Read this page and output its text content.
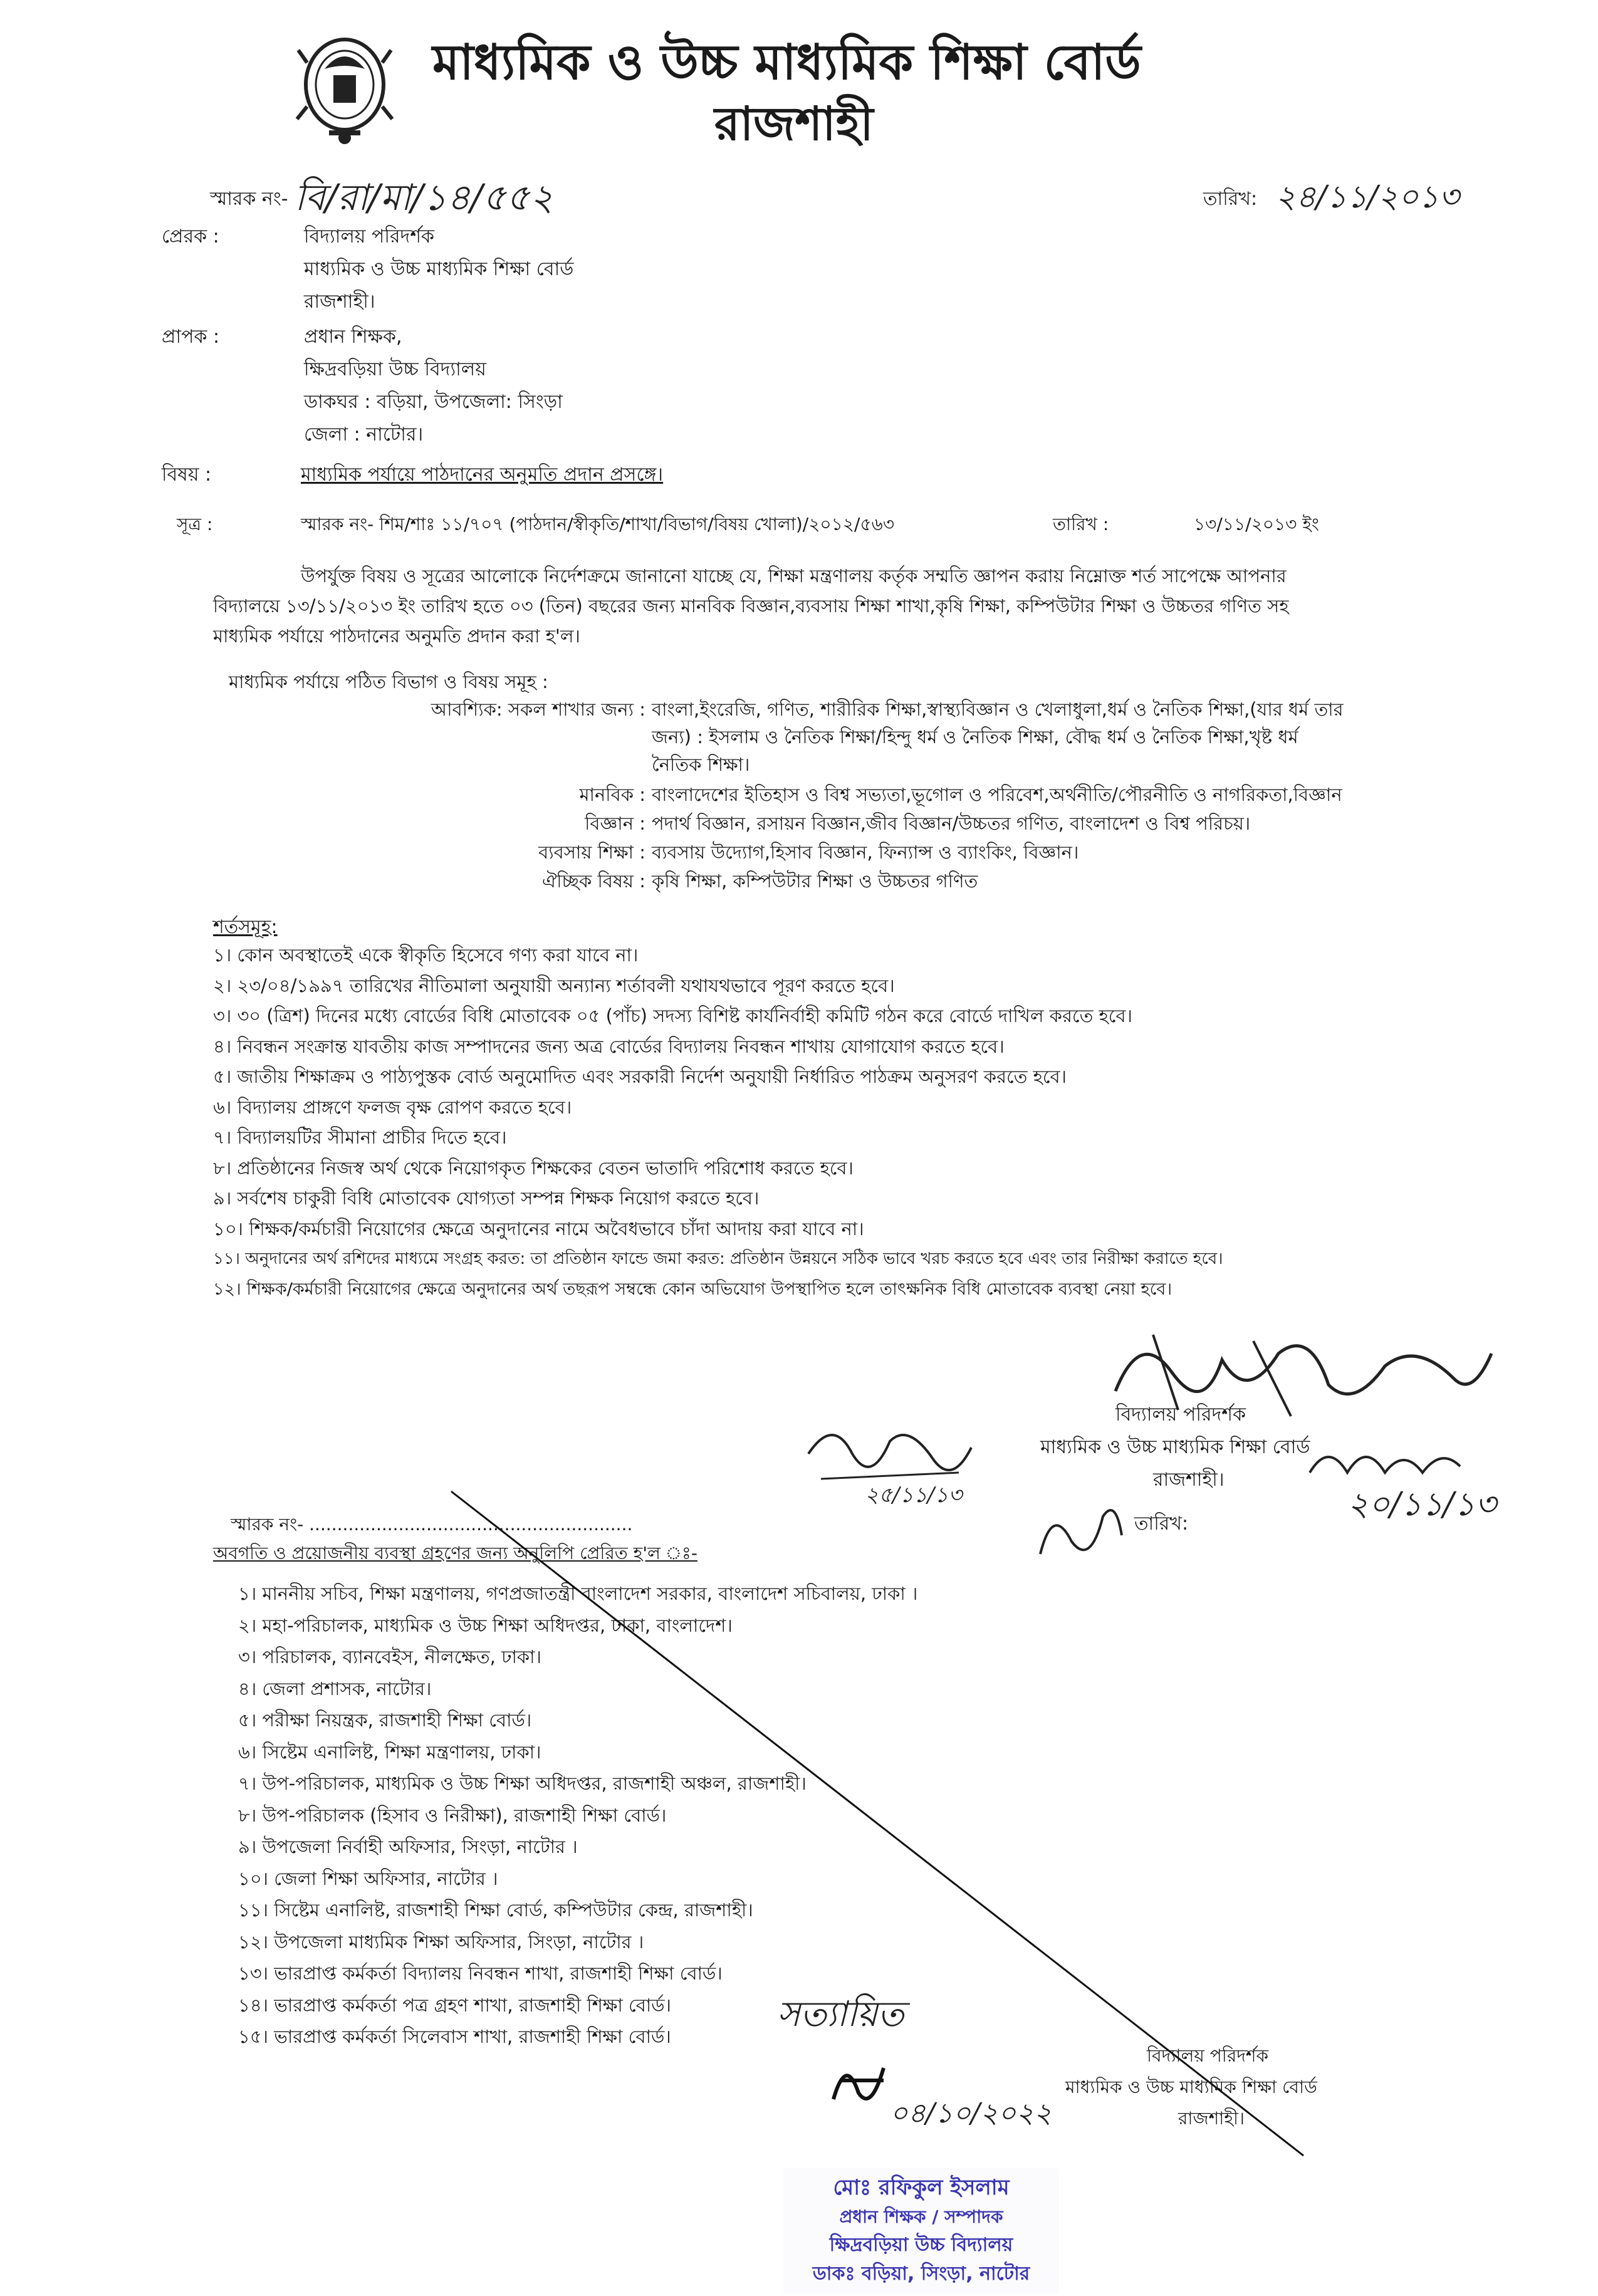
মাধ্যমিক ও উচ্চ মাধ্যমিক শিক্ষা বোর্ড
রাজশাহী
স্মারক নং- বি/রা/মা/১৪/৫৫২	তারিখ: ২৪/১১/২০১৩
প্রেরক :	বিদ্যালয় পরিদর্শক
মাধ্যমিক ও উচ্চ মাধ্যমিক শিক্ষা বোর্ড
রাজশাহী।
প্রাপক :	প্রধান শিক্ষক,
ক্ষিদ্রবড়িয়া উচ্চ বিদ্যালয়
ডাকঘর : বড়িয়া, উপজেলা: সিংড়া
জেলা : নাটোর।
বিষয় :	মাধ্যমিক পর্যায়ে পাঠদানের অনুমতি প্রদান প্রসঙ্গে।
সূত্র :	স্মারক নং- শিম/শাঃ ১১/৭০৭ (পাঠদান/স্বীকৃতি/শাখা/বিভাগ/বিষয় খোলা)/২০১২/৫৬৩	তারিখ :	১৩/১১/২০১৩ ইং
উপর্যুক্ত বিষয় ও সূত্রের আলোকে নির্দেশক্রমে জানানো যাচ্ছে যে, শিক্ষা মন্ত্রণালয় কর্তৃক সম্মতি জ্ঞাপন করায় নিম্নোক্ত শর্ত সাপেক্ষে আপনার
বিদ্যালয়ে ১৩/১১/২০১৩ ইং তারিখ হতে ০৩ (তিন) বছরের জন্য মানবিক বিজ্ঞান,ব্যবসায় শিক্ষা শাখা,কৃষি শিক্ষা, কম্পিউটার শিক্ষা ও উচ্চতর গণিত সহ
মাধ্যমিক পর্যায়ে পাঠদানের অনুমতি প্রদান করা হ'ল।
মাধ্যমিক পর্যায়ে পঠিত বিভাগ ও বিষয় সমূহ :
আবশ্যিক: সকল শাখার জন্য : বাংলা,ইংরেজি, গণিত, শারীরিক শিক্ষা,স্বাস্থ্যবিজ্ঞান ও খেলাধুলা,ধর্ম ও নৈতিক শিক্ষা,(যার ধর্ম তার
জন্য) : ইসলাম ও নৈতিক শিক্ষা/হিন্দু ধর্ম ও নৈতিক শিক্ষা, বৌদ্ধ ধর্ম ও নৈতিক শিক্ষা,খৃষ্ট ধর্ম
নৈতিক শিক্ষা।
মানবিক : বাংলাদেশের ইতিহাস ও বিশ্ব সভ্যতা,ভূগোল ও পরিবেশ,অর্থনীতি/পৌরনীতি ও নাগরিকতা,বিজ্ঞান
বিজ্ঞান : পদার্থ বিজ্ঞান, রসায়ন বিজ্ঞান,জীব বিজ্ঞান/উচ্চতর গণিত, বাংলাদেশ ও বিশ্ব পরিচয়।
ব্যবসায় শিক্ষা : ব্যবসায় উদ্যোগ,হিসাব বিজ্ঞান, ফিন্যান্স ও ব্যাংকিং, বিজ্ঞান।
ঐচ্ছিক বিষয় : কৃষি শিক্ষা, কম্পিউটার শিক্ষা ও উচ্চতর গণিত
শর্তসমূহ:
১। কোন অবস্থাতেই একে স্বীকৃতি হিসেবে গণ্য করা যাবে না।
২। ২৩/০৪/১৯৯৭ তারিখের নীতিমালা অনুযায়ী অন্যান্য শর্তাবলী যথাযথভাবে পূরণ করতে হবে।
৩। ৩০ (ত্রিশ) দিনের মধ্যে বোর্ডের বিধি মোতাবেক ০৫ (পাঁচ) সদস্য বিশিষ্ট কার্যনির্বাহী কমিটি গঠন করে বোর্ডে দাখিল করতে হবে।
৪। নিবন্ধন সংক্রান্ত যাবতীয় কাজ সম্পাদনের জন্য অত্র বোর্ডের বিদ্যালয় নিবন্ধন শাখায় যোগাযোগ করতে হবে।
৫। জাতীয় শিক্ষাক্রম ও পাঠ্যপুস্তক বোর্ড অনুমোদিত এবং সরকারী নির্দেশ অনুযায়ী নির্ধারিত পাঠক্রম অনুসরণ করতে হবে।
৬। বিদ্যালয় প্রাঙ্গণে ফলজ বৃক্ষ রোপণ করতে হবে।
৭। বিদ্যালয়টির সীমানা প্রাচীর দিতে হবে।
৮। প্রতিষ্ঠানের নিজস্ব অর্থ থেকে নিয়োগকৃত শিক্ষকের বেতন ভাতাদি পরিশোধ করতে হবে।
৯। সর্বশেষ চাকুরী বিধি মোতাবেক যোগ্যতা সম্পন্ন শিক্ষক নিয়োগ করতে হবে।
১০। শিক্ষক/কর্মচারী নিয়োগের ক্ষেত্রে অনুদানের নামে অবৈধভাবে চাঁদা আদায় করা যাবে না।
১১। অনুদানের অর্থ রশিদের মাধ্যমে সংগ্রহ করত: তা প্রতিষ্ঠান ফান্ডে জমা করত: প্রতিষ্ঠান উন্নয়নে সঠিক ভাবে খরচ করতে হবে এবং তার নিরীক্ষা করাতে হবে।
১২। শিক্ষক/কর্মচারী নিয়োগের ক্ষেত্রে অনুদানের অর্থ তছরূপ সম্বন্ধে কোন অভিযোগ উপস্থাপিত হলে তাৎক্ষনিক বিধি মোতাবেক ব্যবস্থা নেয়া হবে।
বিদ্যালয় পরিদর্শক
মাধ্যমিক ও উচ্চ মাধ্যমিক শিক্ষা বোর্ড
রাজশাহী।
২৫/১১/১৩	২০/১১/১৩
স্মারক নং- ..........................................................	তারিখ:
অবগতি ও প্রয়োজনীয় ব্যবস্থা গ্রহণের জন্য অনুলিপি প্রেরিত হ'ল ঃ-
১। মাননীয় সচিব, শিক্ষা মন্ত্রণালয়, গণপ্রজাতন্ত্রী বাংলাদেশ সরকার, বাংলাদেশ সচিবালয়, ঢাকা ।
২। মহা-পরিচালক, মাধ্যমিক ও উচ্চ শিক্ষা অধিদপ্তর, ঢাকা, বাংলাদেশ।
৩। পরিচালক, ব্যানবেইস, নীলক্ষেত, ঢাকা।
৪। জেলা প্রশাসক, নাটোর।
৫। পরীক্ষা নিয়ন্ত্রক, রাজশাহী শিক্ষা বোর্ড।
৬। সিষ্টেম এনালিষ্ট, শিক্ষা মন্ত্রণালয়, ঢাকা।
৭। উপ-পরিচালক, মাধ্যমিক ও উচ্চ শিক্ষা অধিদপ্তর, রাজশাহী অঞ্চল, রাজশাহী।
৮। উপ-পরিচালক (হিসাব ও নিরীক্ষা), রাজশাহী শিক্ষা বোর্ড।
৯। উপজেলা নির্বাহী অফিসার, সিংড়া, নাটোর ।
১০। জেলা শিক্ষা অফিসার, নাটোর ।
১১। সিষ্টেম এনালিষ্ট, রাজশাহী শিক্ষা বোর্ড, কম্পিউটার কেন্দ্র, রাজশাহী।
১২। উপজেলা মাধ্যমিক শিক্ষা অফিসার, সিংড়া, নাটোর ।
১৩। ভারপ্রাপ্ত কর্মকর্তা বিদ্যালয় নিবন্ধন শাখা, রাজশাহী শিক্ষা বোর্ড।
১৪। ভারপ্রাপ্ত কর্মকর্তা পত্র গ্রহণ শাখা, রাজশাহী শিক্ষা বোর্ড।
১৫। ভারপ্রাপ্ত কর্মকর্তা সিলেবাস শাখা, রাজশাহী শিক্ষা বোর্ড।
সত্যায়িত
০৪/১০/২০২২
বিদ্যালয় পরিদর্শক
মাধ্যমিক ও উচ্চ মাধ্যমিক শিক্ষা বোর্ড
রাজশাহী।
মোঃ রফিকুল ইসলাম
প্রধান শিক্ষক / সম্পাদক
ক্ষিদ্রবড়িয়া উচ্চ বিদ্যালয়
ডাকঃ বড়িয়া, সিংড়া, নাটোর
